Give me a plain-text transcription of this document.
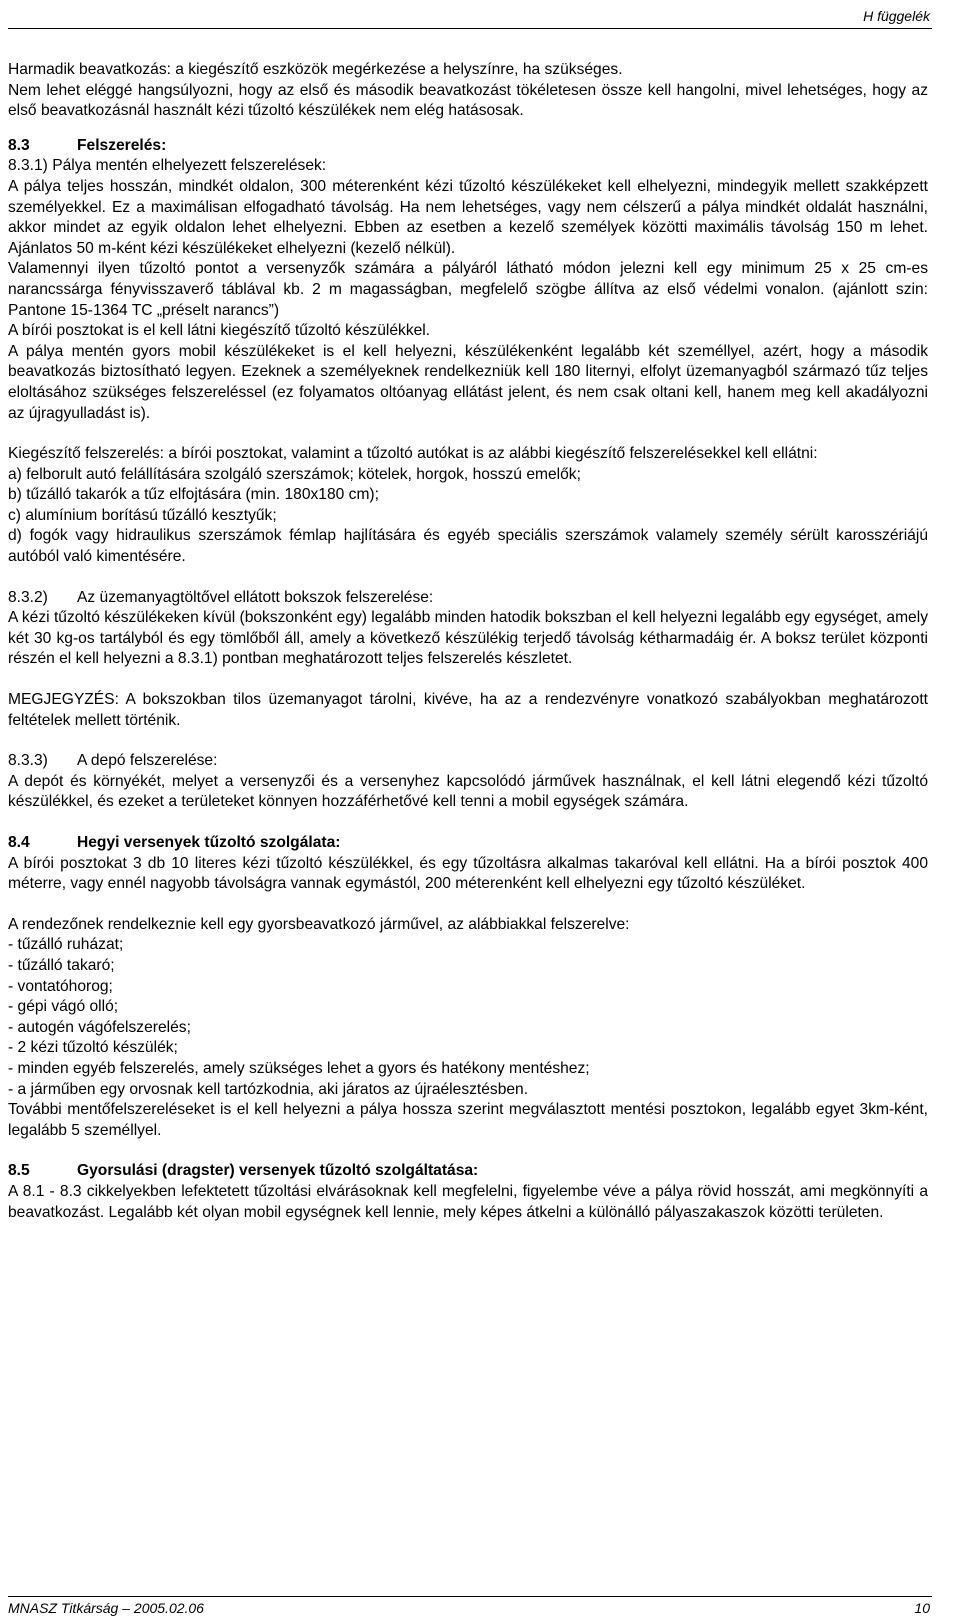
H függelék

Harmadik beavatkozás: a kiegészítő eszközök megérkezése a helyszínre, ha szükséges.

Nem lehet eléggé hangsúlyozni, hogy az első és második beavatkozást tökéletesen össze kell hangolni, mivel lehetséges, hogy az első beavatkozásnál használt kézi tűzoltó készülékek nem elég hatásosak.

8.3	Felszerelés:

8.3.1) Pálya mentén elhelyezett felszerelések:

A pálya teljes hosszán, mindkét oldalon, 300 méterenként kézi tűzoltó készülékeket kell elhelyezni, mindegyik mellett szakképzett személyekkel. Ez a maximálisan elfogadható távolság. Ha nem lehetséges, vagy nem célszerű a pálya mindkét oldalát használni, akkor mindet az egyik oldalon lehet elhelyezni. Ebben az esetben a kezelő személyek közötti maximális távolság 150 m lehet. Ajánlatos 50 m-ként kézi készülékeket elhelyezni (kezelő nélkül).

Valamennyi ilyen tűzoltó pontot a versenyzők számára a pályáról látható módon jelezni kell egy minimum 25 x 25 cm-es narancssárga fényvisszaverő táblával kb. 2 m magasságban, megfelelő szögbe állítva az első védelmi vonalon. (ajánlott szin: Pantone 15-1364 TC „préselt narancs”)

A bírói posztokat is el kell látni kiegészítő tűzoltó készülékkel.

A pálya mentén gyors mobil készülékeket is el kell helyezni, készülékenként legalább két személlyel, azért, hogy a második beavatkozás biztosítható legyen. Ezeknek a személyeknek rendelkezniük kell 180 liternyi, elfolyt üzemanyagból származó tűz teljes eloltásához szükséges felszereléssel (ez folyamatos oltóanyag ellátást jelent, és nem csak oltani kell, hanem meg kell akadályozni az újragyulladást is).

Kiegészítő felszerelés: a bírói posztokat, valamint a tűzoltó autókat is az alábbi kiegészítő felszerelésekkel kell ellátni:

a) felborult autó felállítására szolgáló szerszámok; kötelek, horgok, hosszú emelők;

b) tűzálló takarók a tűz elfojtására (min. 180x180 cm);

c) alumínium borítású tűzálló kesztyűk;

d) fogók vagy hidraulikus szerszámok fémlap hajlítására és egyéb speciális szerszámok valamely személy sérült karosszériájú autóból való kimentésére.

8.3.2) Az üzemanyagtöltővel ellátott bokszok felszerelése:

A kézi tűzoltó készülékeken kívül (bokszonként egy) legalább minden hatodik bokszban el kell helyezni legalább egy egységet, amely két 30 kg-os tartályból és egy tömlőből áll, amely a következő készülékig terjedő távolság kétharmadáig ér. A boksz terület központi részén el kell helyezni a 8.3.1) pontban meghatározott teljes felszerelés készletet.

MEGJEGYZÉS: A bokszokban tilos üzemanyagot tárolni, kivéve, ha az a rendezvényre vonatkozó szabályokban meghatározott feltételek mellett történik.

8.3.3) A depó felszerelése:

A depót és környékét, melyet a versenyzői és a versenyhez kapcsolódó járművek használnak, el kell látni elegendő kézi tűzoltó készülékkel, és ezeket a területeket könnyen hozzáférhetővé kell tenni a mobil egységek számára.

8.4	Hegyi versenyek tűzoltó szolgálata:

A bírói posztokat 3 db 10 literes kézi tűzoltó készülékkel, és egy tűzoltásra alkalmas takaróval kell ellátni. Ha a bírói posztok 400 méterre, vagy ennél nagyobb távolságra vannak egymástól, 200 méterenként kell elhelyezni egy tűzoltó készüléket.

A rendezőnek rendelkeznie kell egy gyorsbeavatkozó járművel, az alábbiakkal felszerelve:

- tűzálló ruházat;

- tűzálló takaró;

- vontatóhorog;

- gépi vágó olló;

- autogén vágófelszerelés;

- 2 kézi tűzoltó készülék;

- minden egyéb felszerelés, amely szükséges lehet a gyors és hatékony mentéshez;

- a járműben egy orvosnak kell tartózkodnia, aki járatos az újraélesztésben.

További mentőfelszereléseket is el kell helyezni a pálya hossza szerint megválasztott mentési posztokon, legalább egyet 3km-ként, legalább 5 személlyel.

8.5	Gyorsulási (dragster) versenyek tűzoltó szolgáltatása:

A 8.1 - 8.3 cikkelyekben lefektetett tűzoltási elvárásoknak kell megfelelni, figyelembe véve a pálya rövid hosszát, ami megkönnyíti a beavatkozást. Legalább két olyan mobil egységnek kell lennie, mely képes átkelni a különálló pályaszakaszok közötti területen.

MNASZ Titkárság – 2005.02.06	10
